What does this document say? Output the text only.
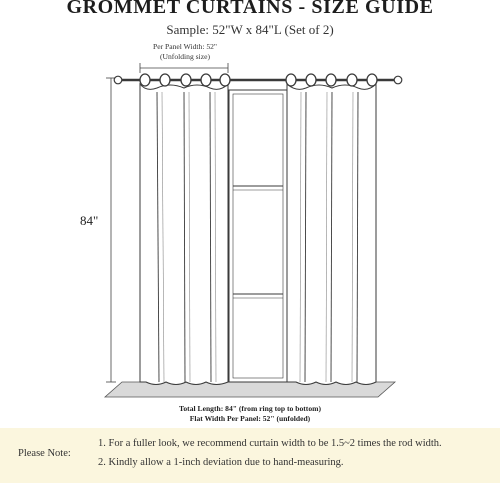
GROMMET CURTAINS - SIZE GUIDE
Sample: 52"W x 84"L (Set of 2)
Per Panel Width: 52"
(Unfolding size)
84"
Total Length: 84" (from ring top to bottom)
Flat Width Per Panel: 52" (unfolded)
Please Note:
1. For a fuller look, we recommend curtain width to be 1.5~2 times the rod width.
2. Kindly allow a 1-inch deviation due to hand-measuring.
